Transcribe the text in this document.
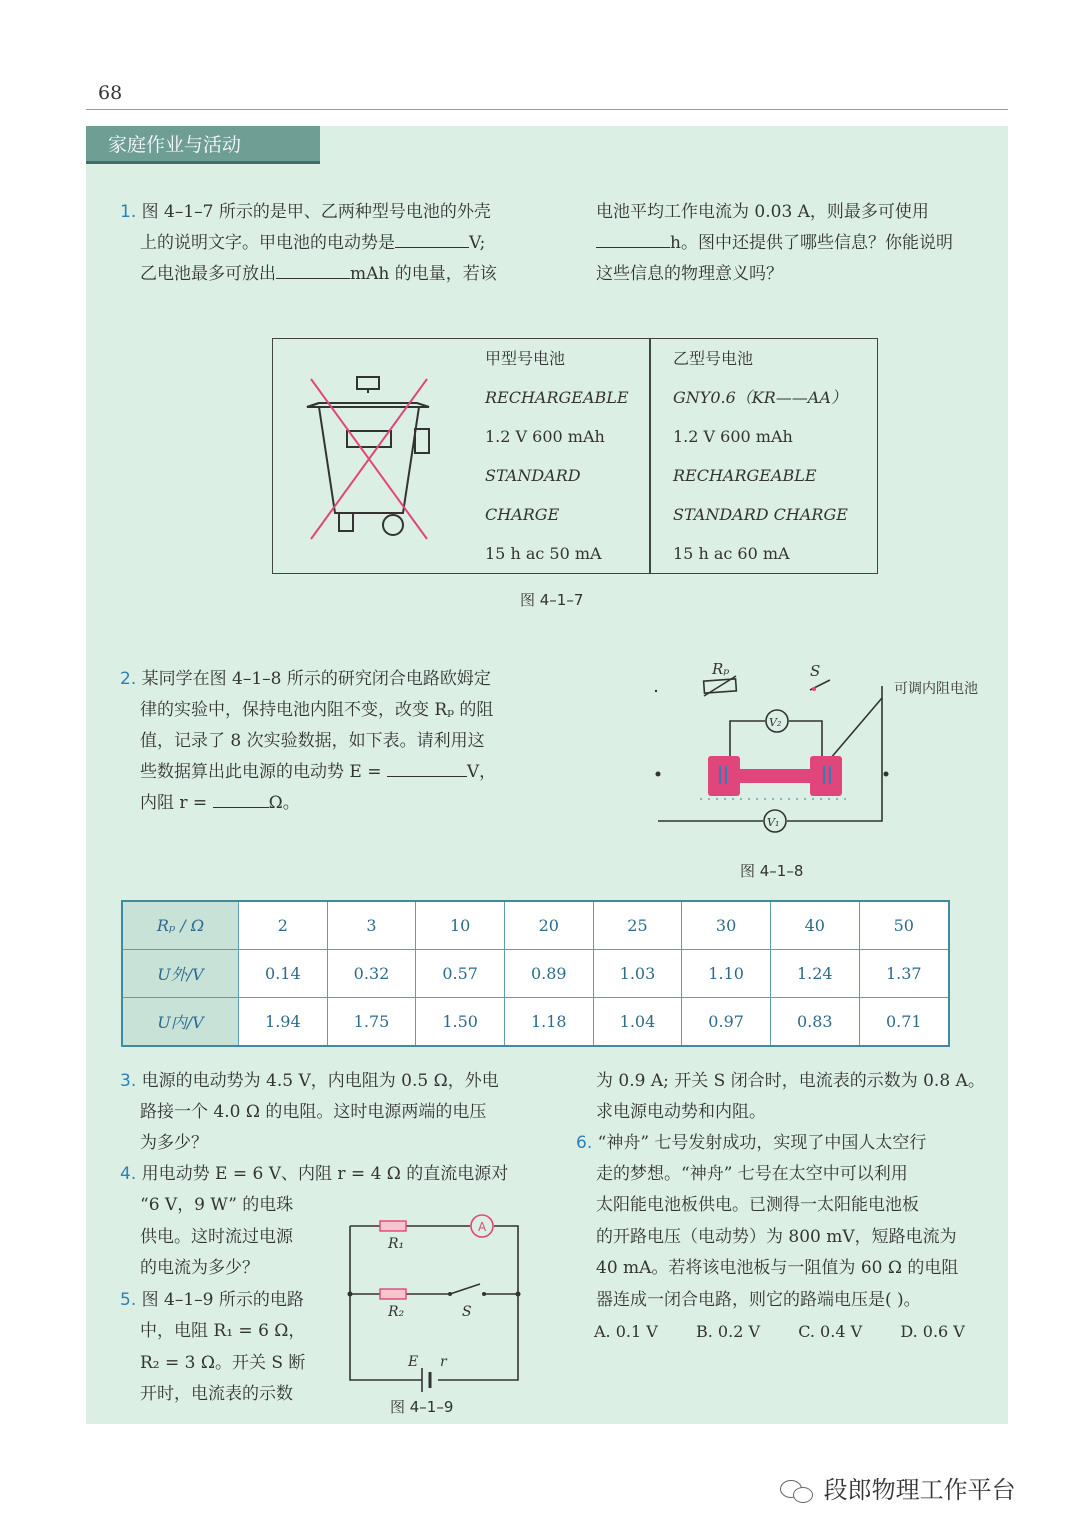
68
家庭作业与活动
1. 图 4–1–7 所示的是甲、乙两种型号电池的外壳
上的说明文字。甲电池的电动势是	V;
乙电池最多可放出	mAh 的电量，若该
电池平均工作电流为 0.03 A，则最多可使用
h。图中还提供了哪些信息？你能说明
这些信息的物理意义吗？
甲型号电池
RECHARGEABLE
1.2 V 600 mAh
STANDARD
CHARGE
15 h ac 50 mA
乙型号电池
GNY0.6（KR——AA）
1.2 V 600 mAh
RECHARGEABLE
STANDARD CHARGE
15 h ac 60 mA
图 4–1–7
2. 某同学在图 4–1–8 所示的研究闭合电路欧姆定
律的实验中，保持电池内阻不变，改变 Rₚ 的阻
值，记录了 8 次实验数据，如下表。请利用这
些数据算出此电源的电动势 E =	V，
内阻 r =	Ω。
Rₚ	S
V₂
V₁
可调内阻电池
图 4–1–8
Rₚ / Ω	2	3	10	20	25	30	40	50
U外/V	0.14	0.32	0.57	0.89	1.03	1.10	1.24	1.37
U内/V	1.94	1.75	1.50	1.18	1.04	0.97	0.83	0.71
3. 电源的电动势为 4.5 V，内电阻为 0.5 Ω，外电
路接一个 4.0 Ω 的电阻。这时电源两端的电压
为多少？
4. 用电动势 E = 6 V、内阻 r = 4 Ω 的直流电源对
“6 V，9 W” 的电珠
供电。这时流过电源
的电流为多少？
5. 图 4–1–9 所示的电路
中，电阻 R₁ = 6 Ω，
R₂ = 3 Ω。开关 S 断
开时，电流表的示数
A
R₁
R₂	S
E r
图 4–1–9
为 0.9 A; 开关 S 闭合时，电流表的示数为 0.8 A。
求电源电动势和内阻。
6. “神舟” 七号发射成功，实现了中国人太空行
走的梦想。“神舟” 七号在太空中可以利用
太阳能电池板供电。已测得一太阳能电池板
的开路电压（电动势）为 800 mV，短路电流为
40 mA。若将该电池板与一阻值为 60 Ω 的电阻
器连成一闭合电路，则它的路端电压是( )。
A. 0.1 V B. 0.2 V C. 0.4 V D. 0.6 V
段郎物理工作平台
